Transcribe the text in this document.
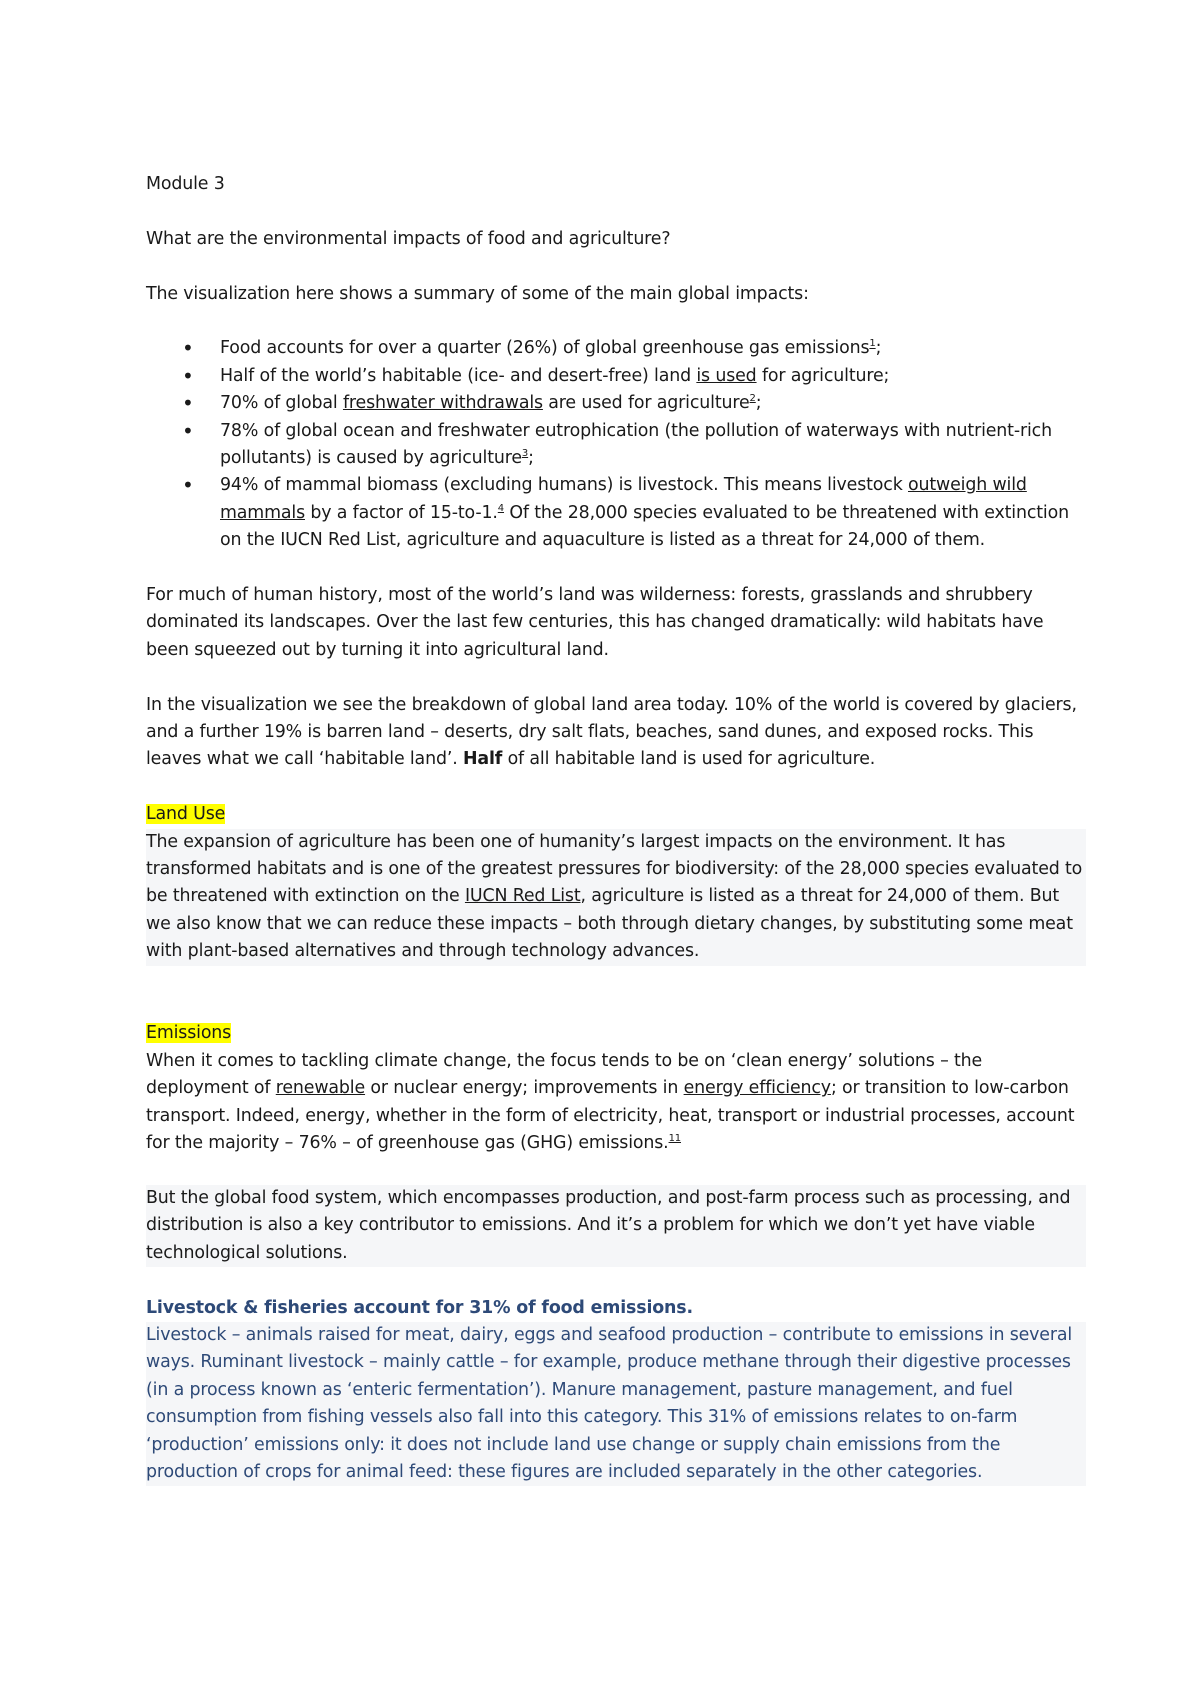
Module 3

What are the environmental impacts of food and agriculture?

The visualization here shows a summary of some of the main global impacts:

• Food accounts for over a quarter (26%) of global greenhouse gas emissions$^1$;
• Half of the world’s habitable (ice- and desert-free) land is used for agriculture;
• 70% of global freshwater withdrawals are used for agriculture$^2$;
• 78% of global ocean and freshwater eutrophication (the pollution of waterways with nutrient-rich pollutants) is caused by agriculture$^3$;
• 94% of mammal biomass (excluding humans) is livestock. This means livestock outweigh wild mammals by a factor of 15-to-1.$^4$ Of the 28,000 species evaluated to be threatened with extinction on the IUCN Red List, agriculture and aquaculture is listed as a threat for 24,000 of them.

For much of human history, most of the world’s land was wilderness: forests, grasslands and shrubbery dominated its landscapes. Over the last few centuries, this has changed dramatically: wild habitats have been squeezed out by turning it into agricultural land.

In the visualization we see the breakdown of global land area today. 10% of the world is covered by glaciers, and a further 19% is barren land – deserts, dry salt flats, beaches, sand dunes, and exposed rocks. This leaves what we call ‘habitable land’. Half of all habitable land is used for agriculture.

Land Use

The expansion of agriculture has been one of humanity’s largest impacts on the environment. It has transformed habitats and is one of the greatest pressures for biodiversity: of the 28,000 species evaluated to be threatened with extinction on the IUCN Red List, agriculture is listed as a threat for 24,000 of them. But we also know that we can reduce these impacts – both through dietary changes, by substituting some meat with plant-based alternatives and through technology advances.

Emissions

When it comes to tackling climate change, the focus tends to be on ‘clean energy’ solutions – the deployment of renewable or nuclear energy; improvements in energy efficiency; or transition to low-carbon transport. Indeed, energy, whether in the form of electricity, heat, transport or industrial processes, account for the majority – 76% – of greenhouse gas (GHG) emissions.$^{11}$

But the global food system, which encompasses production, and post-farm process such as processing, and distribution is also a key contributor to emissions. And it’s a problem for which we don’t yet have viable technological solutions.

Livestock & fisheries account for 31% of food emissions.

Livestock – animals raised for meat, dairy, eggs and seafood production – contribute to emissions in several ways. Ruminant livestock – mainly cattle – for example, produce methane through their digestive processes (in a process known as ‘enteric fermentation’). Manure management, pasture management, and fuel consumption from fishing vessels also fall into this category. This 31% of emissions relates to on-farm ‘production’ emissions only: it does not include land use change or supply chain emissions from the production of crops for animal feed: these figures are included separately in the other categories.
